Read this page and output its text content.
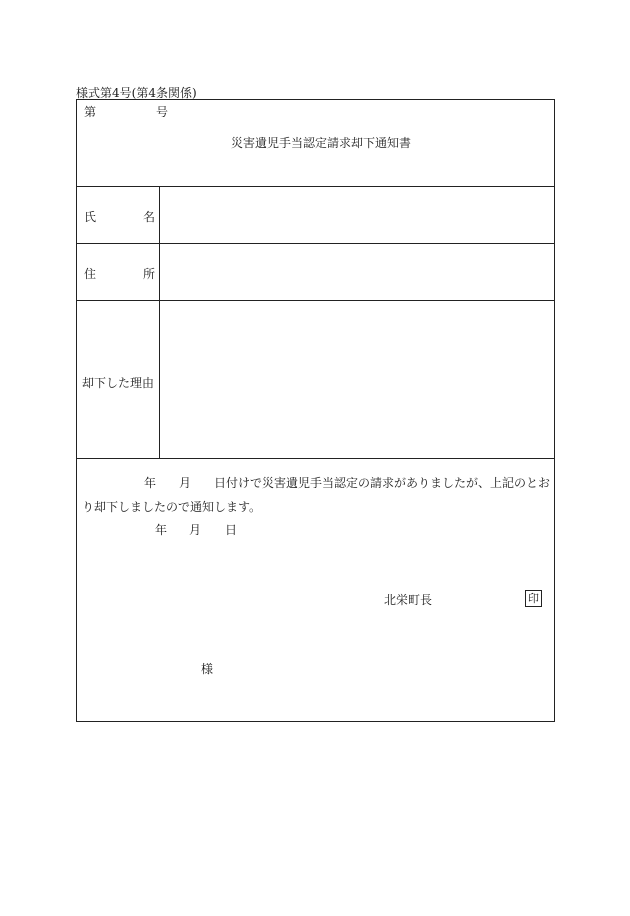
様式第4号(第4条関係)
第	号
災害遺児手当認定請求却下通知書
氏	名
住	所
却下した理由
年 月 日付けで災害遺児手当認定の請求がありましたが、上記のとお
り却下しましたので通知します。
年 月 日
北栄町長	印
様
